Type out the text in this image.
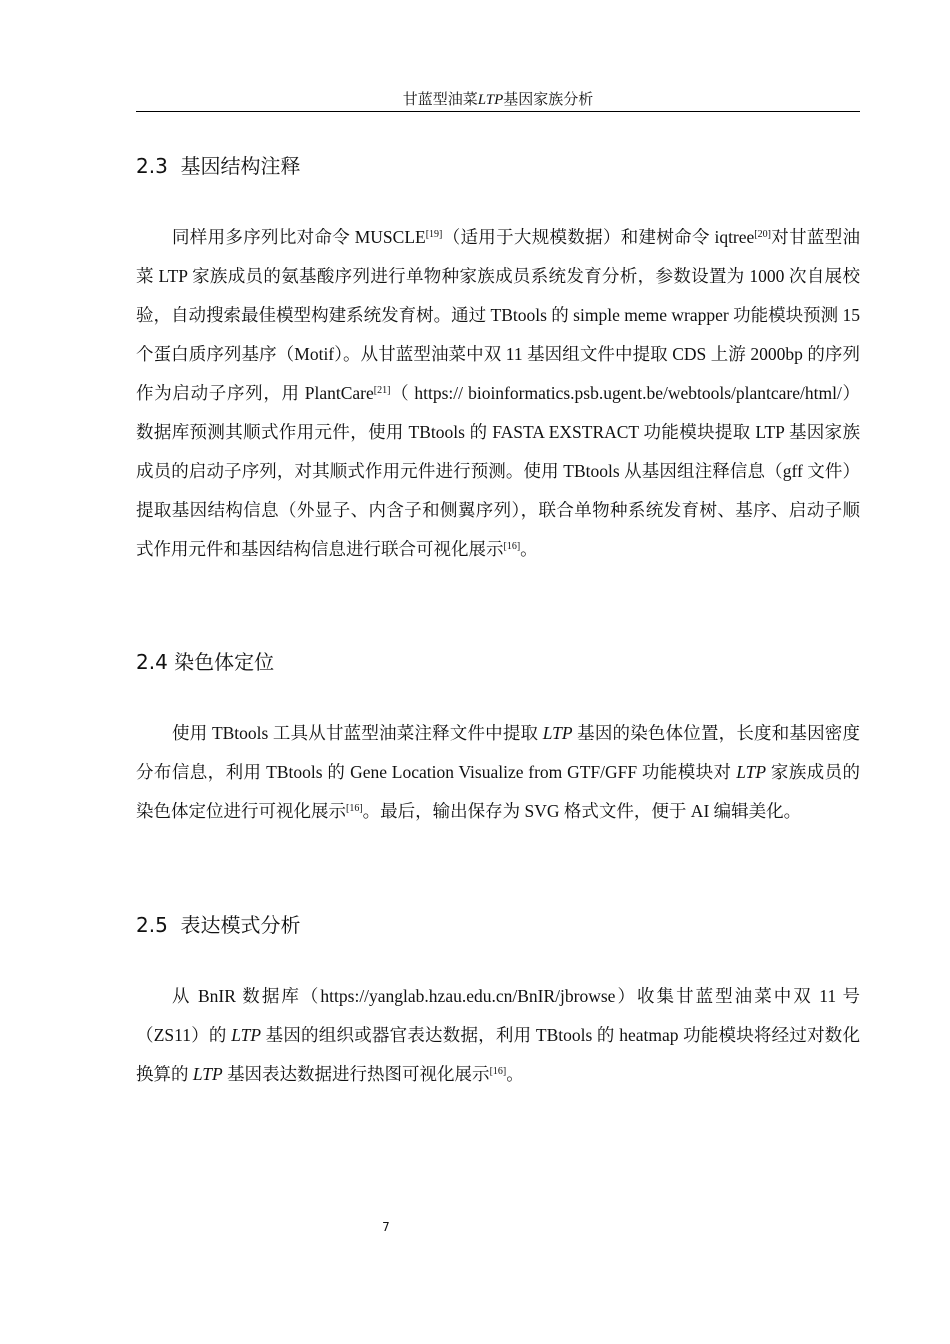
甘蓝型油菜LTP基因家族分析
2.3  基因结构注释
同样用多序列比对命令 MUSCLE[19]（适用于大规模数据）和建树命令 iqtree[20]对甘蓝型油菜 LTP 家族成员的氨基酸序列进行单物种家族成员系统发育分析，参数设置为 1000 次自展校验，自动搜索最佳模型构建系统发育树。通过 TBtools 的 simple meme wrapper 功能模块预测 15 个蛋白质序列基序（Motif）。从甘蓝型油菜中双 11 基因组文件中提取 CDS 上游 2000bp 的序列作为启动子序列，用 PlantCare[21]（ https:// bioinformatics.psb.ugent.be/webtools/plantcare/html/）数据库预测其顺式作用元件，使用 TBtools 的 FASTA EXSTRACT 功能模块提取 LTP 基因家族成员的启动子序列，对其顺式作用元件进行预测。使用 TBtools 从基因组注释信息（gff 文件）提取基因结构信息（外显子、内含子和侧翼序列），联合单物种系统发育树、基序、启动子顺式作用元件和基因结构信息进行联合可视化展示[16]。
2.4 染色体定位
使用 TBtools 工具从甘蓝型油菜注释文件中提取 LTP 基因的染色体位置，长度和基因密度分布信息，利用 TBtools 的 Gene Location Visualize from GTF/GFF 功能模块对 LTP 家族成员的染色体定位进行可视化展示[16]。最后，输出保存为 SVG 格式文件，便于 AI 编辑美化。
2.5  表达模式分析
从 BnIR 数据库（https://yanglab.hzau.edu.cn/BnIR/jbrowse）收集甘蓝型油菜中双 11 号（ZS11）的 LTP 基因的组织或器官表达数据，利用 TBtools 的 heatmap 功能模块将经过对数化换算的 LTP 基因表达数据进行热图可视化展示[16]。
7
